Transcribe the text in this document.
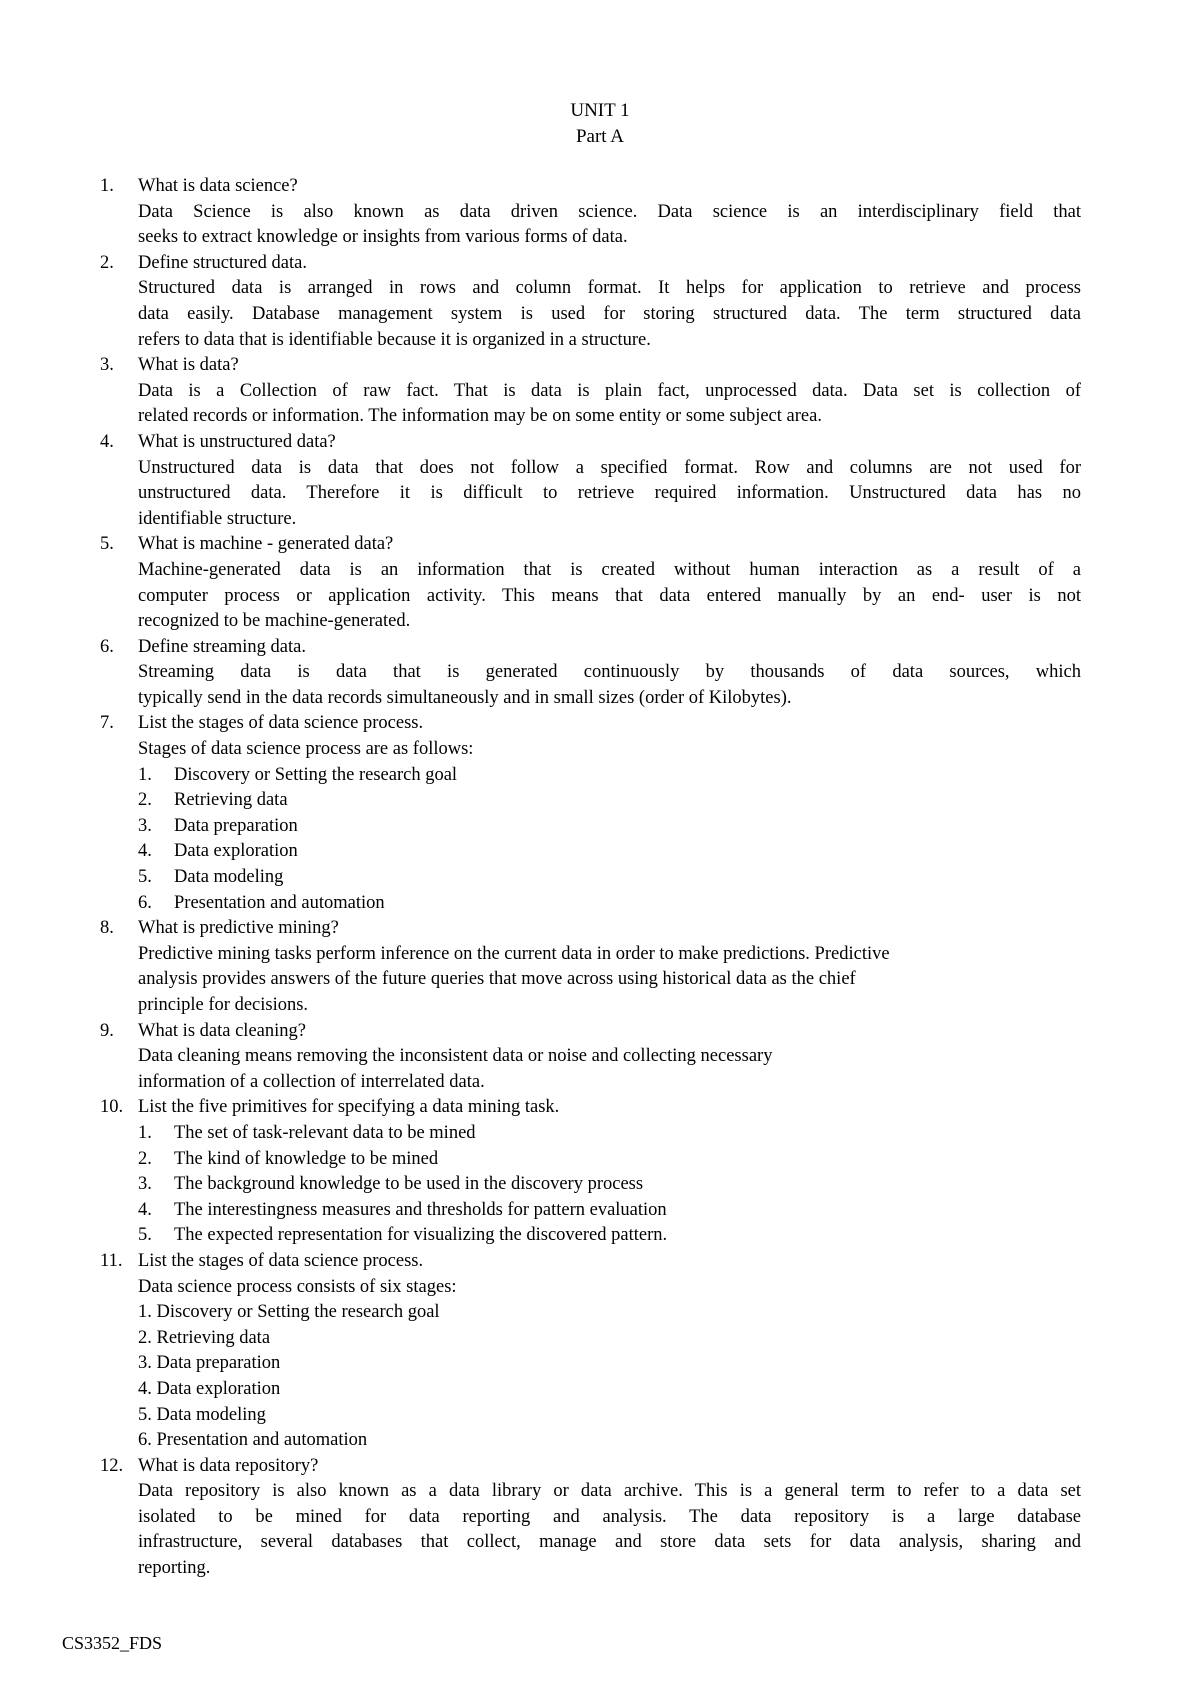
UNIT 1
Part A
1. What is data science?
Data Science is also known as data driven science. Data science is an interdisciplinary field that
seeks to extract knowledge or insights from various forms of data.
2. Define structured data.
Structured data is arranged in rows and column format. It helps for application to retrieve and process
data easily. Database management system is used for storing structured data. The term structured data
refers to data that is identifiable because it is organized in a structure.
3. What is data?
Data is a Collection of raw fact. That is data is plain fact, unprocessed data. Data set is collection of
related records or information. The information may be on some entity or some subject area.
4. What is unstructured data?
Unstructured data is data that does not follow a specified format. Row and columns are not used for
unstructured data. Therefore it is difficult to retrieve required information. Unstructured data has no
identifiable structure.
5. What is machine - generated data?
Machine-generated data is an information that is created without human interaction as a result of a
computer process or application activity. This means that data entered manually by an end- user is not
recognized to be machine-generated.
6. Define streaming data.
Streaming data is data that is generated continuously by thousands of data sources, which
typically send in the data records simultaneously and in small sizes (order of Kilobytes).
7. List the stages of data science process.
Stages of data science process are as follows:
1. Discovery or Setting the research goal
2. Retrieving data
3. Data preparation
4. Data exploration
5. Data modeling
6. Presentation and automation
8. What is predictive mining?
Predictive mining tasks perform inference on the current data in order to make predictions. Predictive
analysis provides answers of the future queries that move across using historical data as the chief
principle for decisions.
9. What is data cleaning?
Data cleaning means removing the inconsistent data or noise and collecting necessary
information of a collection of interrelated data.
10. List the five primitives for specifying a data mining task.
1. The set of task-relevant data to be mined
2. The kind of knowledge to be mined
3. The background knowledge to be used in the discovery process
4. The interestingness measures and thresholds for pattern evaluation
5. The expected representation for visualizing the discovered pattern.
11. List the stages of data science process.
Data science process consists of six stages:
1. Discovery or Setting the research goal
2. Retrieving data
3. Data preparation
4. Data exploration
5. Data modeling
6. Presentation and automation
12. What is data repository?
Data repository is also known as a data library or data archive. This is a general term to refer to a data set
isolated to be mined for data reporting and analysis. The data repository is a large database
infrastructure, several databases that collect, manage and store data sets for data analysis, sharing and
reporting.
CS3352_FDS
